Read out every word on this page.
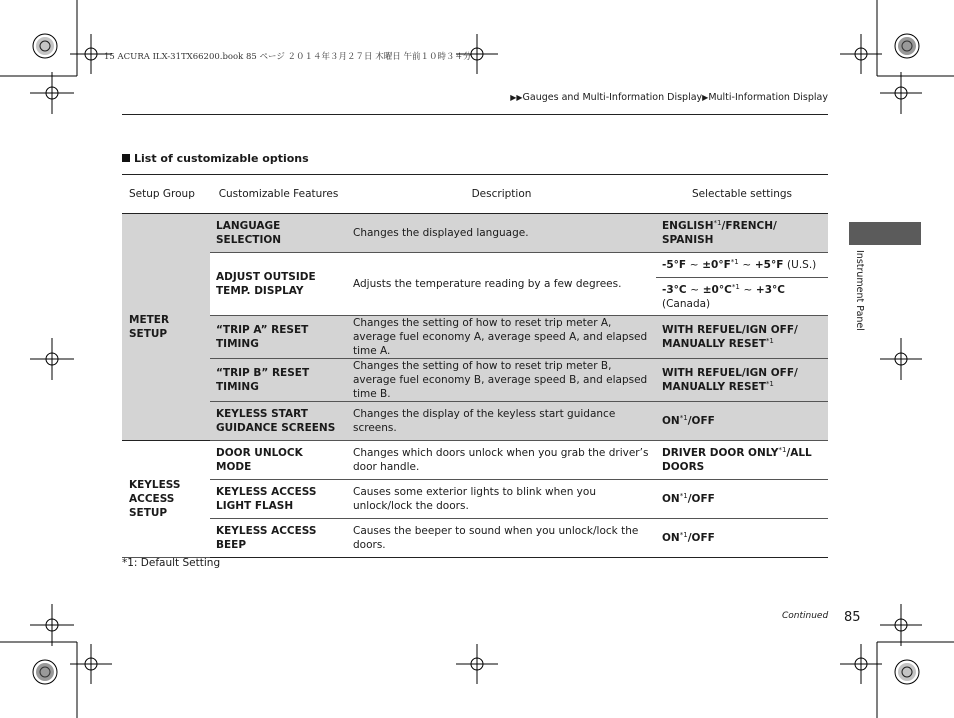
15 ACURA ILX-31TX66200.book 85 ページ ２０１４年３月２７日 木曜日 午前１０時３４分
▶▶Gauges and Multi-Information Display▶Multi-Information Display
List of customizable options
Setup Group	Customizable Features	Description	Selectable settings
METER SETUP	LANGUAGE SELECTION	Changes the displayed language.	ENGLISH$^{*1}$/FRENCH/
SPANISH
	ADJUST OUTSIDE TEMP. DISPLAY	Adjusts the temperature reading by a few degrees.	-5°F ~ $\pm 0^\circ F^{*1}$ ~ +5°F (U.S.)
			-3°C ~ $\pm 0^\circ C^{*1}$ ~ +3°C
(Canada)
	“TRIP A” RESET TIMING	Changes the setting of how to reset trip meter A, average fuel economy A, average speed A, and elapsed time A.	WITH REFUEL/IGN OFF/
MANUALLY RESET$^{*1}$
	“TRIP B” RESET TIMING	Changes the setting of how to reset trip meter B, average fuel economy B, average speed B, and elapsed time B.	WITH REFUEL/IGN OFF/
MANUALLY RESET$^{*1}$
	KEYLESS START GUIDANCE SCREENS	Changes the display of the keyless start guidance screens.	ON$^{*1}$/OFF
KEYLESS ACCESS SETUP	DOOR UNLOCK MODE	Changes which doors unlock when you grab the driver’s door handle.	DRIVER DOOR ONLY$^{*1}$/ALL
DOORS
	KEYLESS ACCESS LIGHT FLASH	Causes some exterior lights to blink when you unlock/lock the doors.	ON$^{*1}$/OFF
	KEYLESS ACCESS BEEP	Causes the beeper to sound when you unlock/lock the doors.	ON$^{*1}$/OFF
*1: Default Setting
Instrument Panel
Continued 85
